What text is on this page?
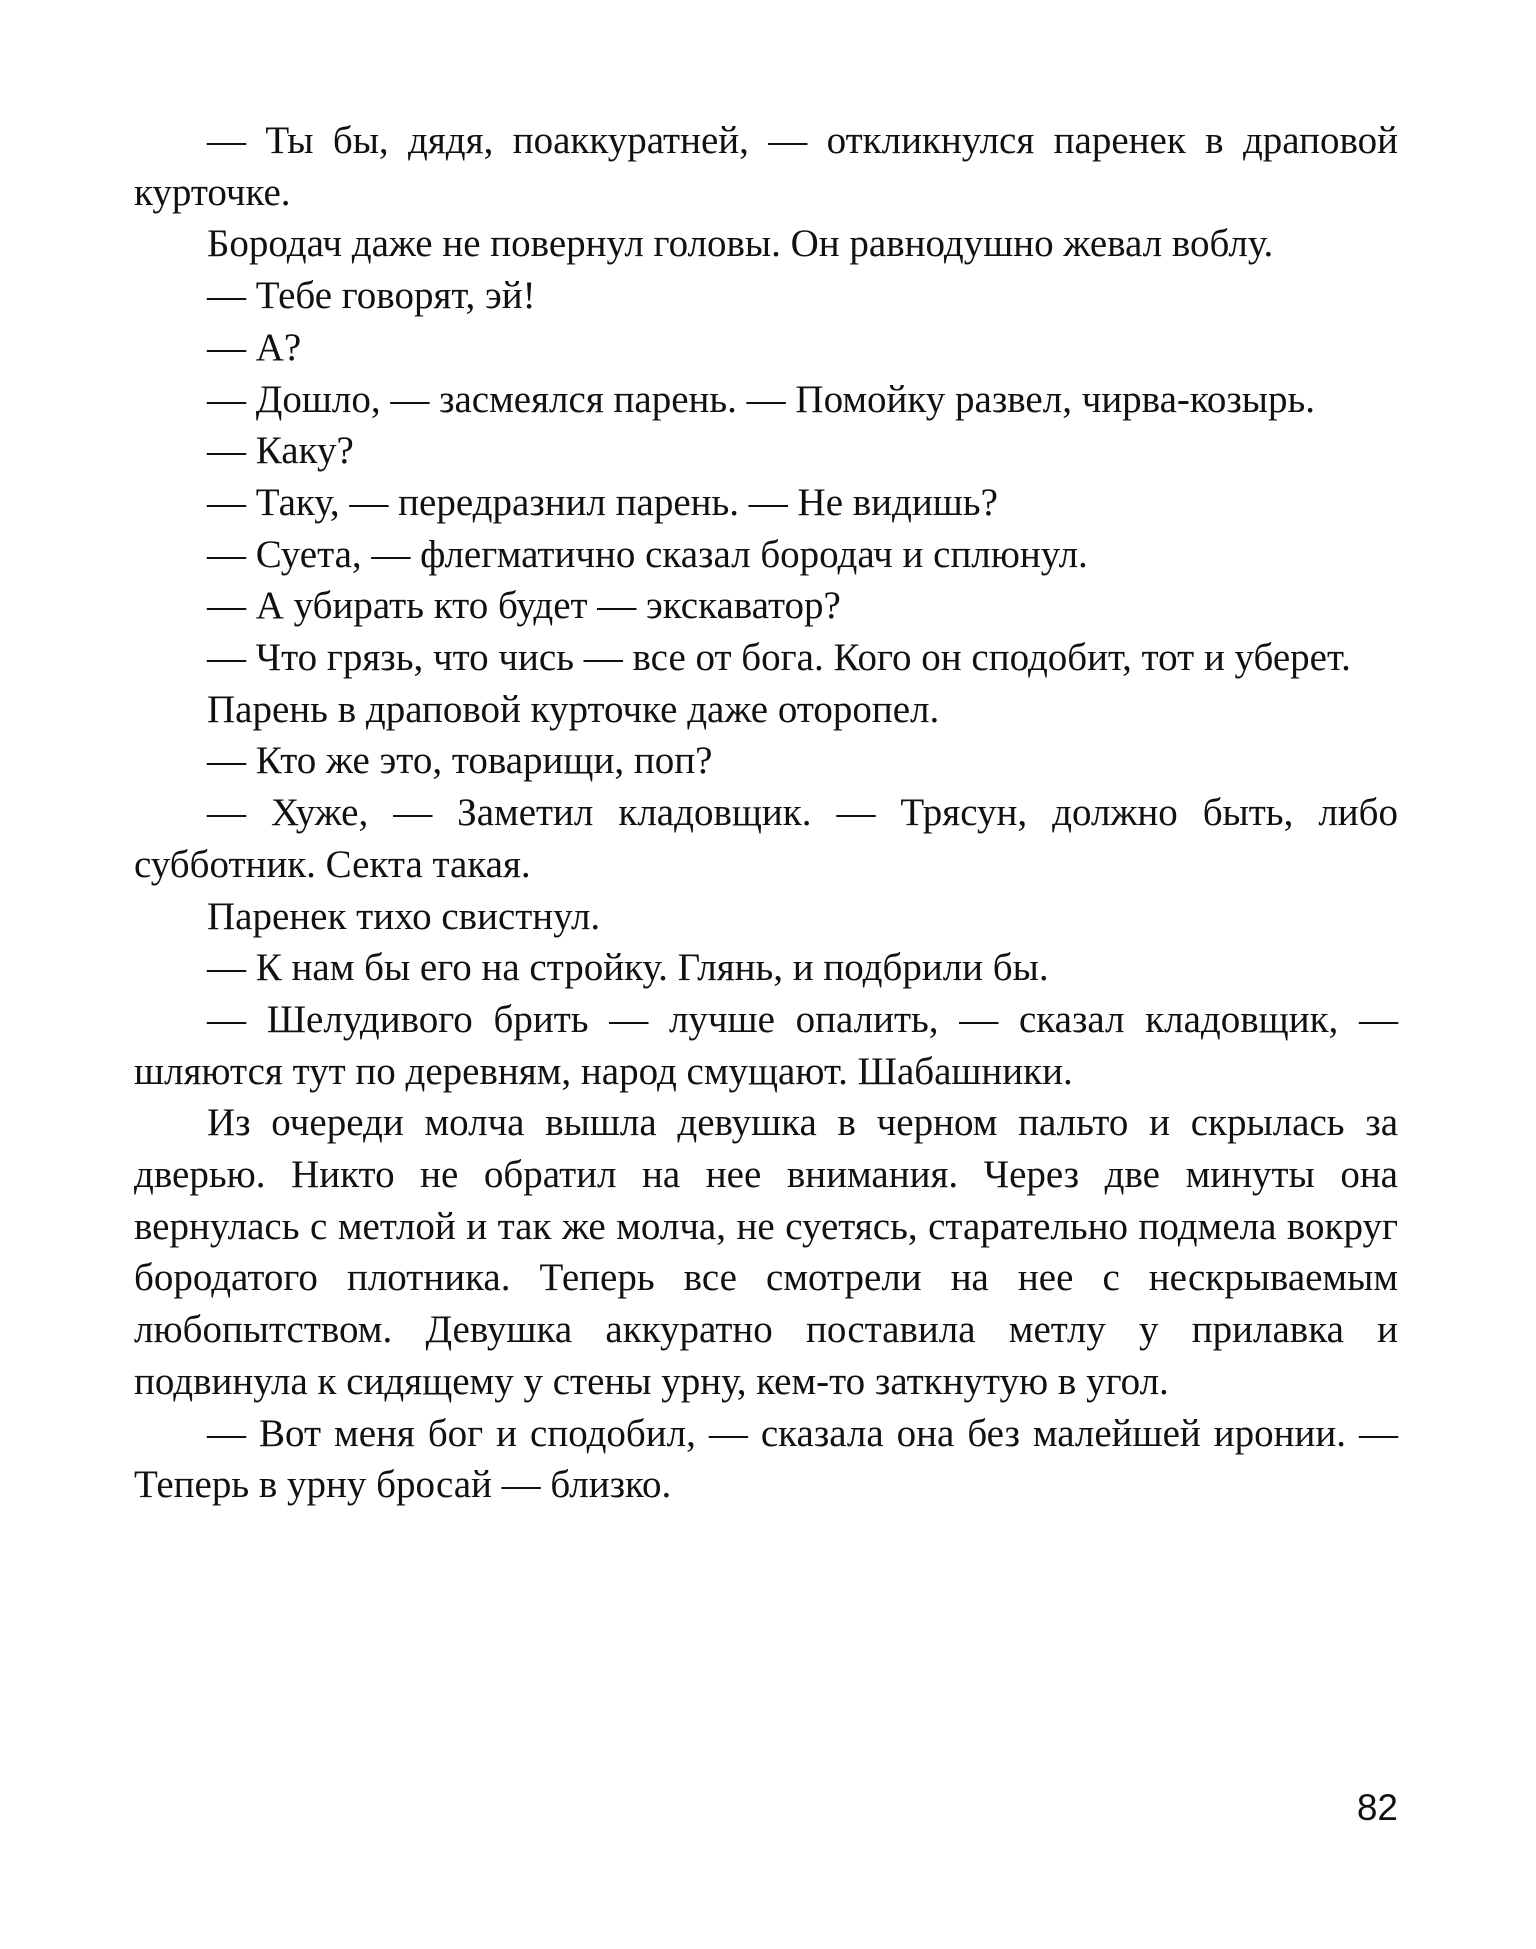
— Ты бы, дядя, поаккуратней, — откликнулся паренек в драповой курточке.

Бородач даже не повернул головы. Он равнодушно жевал воблу.

— Тебе говорят, эй!

— А?

— Дошло, — засмеялся парень. — Помойку развел, чирва-козырь.

— Каку?

— Таку, — передразнил парень. — Не видишь?

— Суета, — флегматично сказал бородач и сплюнул.

— А убирать кто будет — экскаватор?

— Что грязь, что чись — все от бога. Кого он сподобит, тот и уберет.

Парень в драповой курточке даже оторопел.

— Кто же это, товарищи, поп?

— Хуже, — Заметил кладовщик. — Трясун, должно быть, либо субботник. Секта такая.

Паренек тихо свистнул.

— К нам бы его на стройку. Глянь, и подбрили бы.

— Шелудивого брить — лучше опалить, — сказал кладовщик, — шляются тут по деревням, народ смущают. Шабашники.

Из очереди молча вышла девушка в черном пальто и скрылась за дверью. Никто не обратил на нее внимания. Через две минуты она вернулась с метлой и так же молча, не суетясь, старательно подмела вокруг бородатого плотника. Теперь все смотрели на нее с нескрываемым любопытством. Девушка аккуратно поставила метлу у прилавка и подвинула к сидящему у стены урну, кем-то заткнутую в угол.

— Вот меня бог и сподобил, — сказала она без малейшей иронии. — Теперь в урну бросай — близко.

82
